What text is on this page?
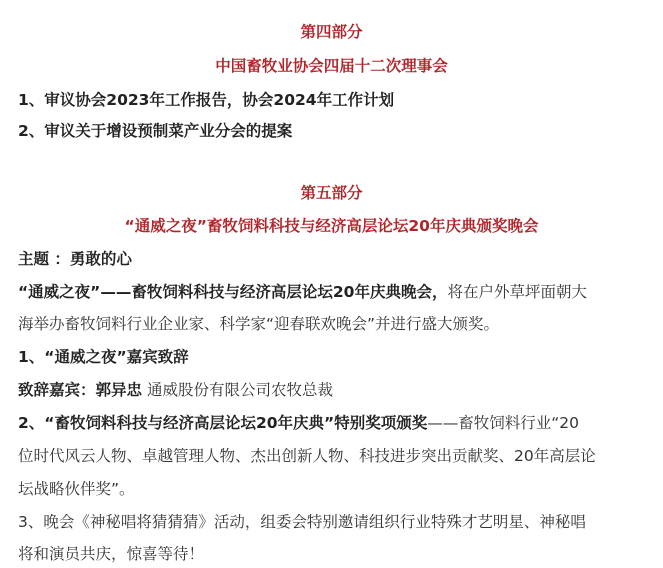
第四部分
中国畜牧业协会四届十二次理事会
1、审议协会2023年工作报告，协会2024年工作计划
2、审议关于增设预制菜产业分会的提案
第五部分
“通威之夜”畜牧饲料科技与经济高层论坛20年庆典颁奖晚会
主题 ：勇敢的心
“通威之夜”——畜牧饲料科技与经济高层论坛20年庆典晚会，将在户外草坪面朝大
海举办畜牧饲料行业企业家、科学家“迎春联欢晚会”并进行盛大颁奖。
1、“通威之夜”嘉宾致辞
致辞嘉宾：郭异忠 通威股份有限公司农牧总裁
2、“畜牧饲料科技与经济高层论坛20年庆典”特别奖项颁奖——畜牧饲料行业“20
位时代风云人物、卓越管理人物、杰出创新人物、科技进步突出贡献奖、20年高层论
坛战略伙伴奖”。
3、晚会《神秘唱将猜猜猜》活动，组委会特别邀请组织行业特殊才艺明星、神秘唱
将和演员共庆，惊喜等待！
